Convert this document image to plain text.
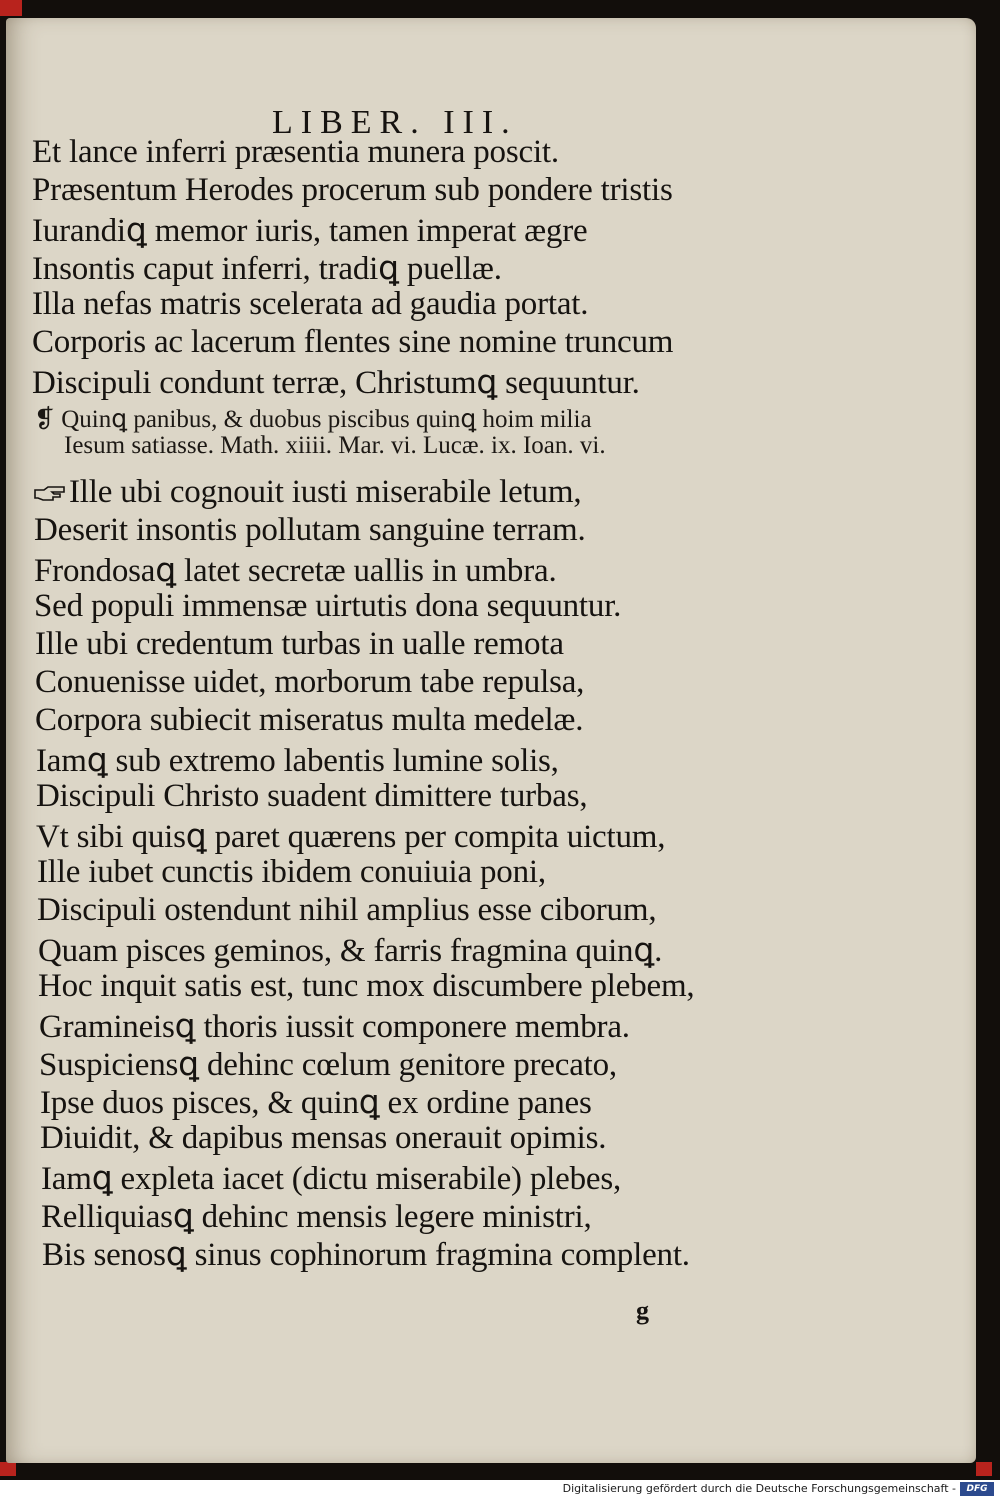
LIBER. III.
Et lance inferri præsentia munera poscit.
Præsentum Herodes procerum sub pondere tristis
Iurandiꝗ memor iuris, tamen imperat ægre
Insontis caput inferri, tradiꝗ puellæ.
Illa nefas matris scelerata ad gaudia portat.
Corporis ac lacerum flentes sine nomine truncum
Discipuli condunt terræ, Christumꝗ sequuntur.
❡ Quinꝗ panibus, & duobus piscibus quinꝗ hoim milia
Iesum satiasse. Math. xiiii. Mar. vi. Lucæ. ix. Ioan. vi.
Ille ubi cognouit iusti miserabile letum,
Deserit insontis pollutam sanguine terram.
Frondosaꝗ latet secretæ uallis in umbra.
Sed populi immensæ uirtutis dona sequuntur.
Ille ubi credentum turbas in ualle remota
Conuenisse uidet, morborum tabe repulsa,
Corpora subiecit miseratus multa medelæ.
Iamꝗ sub extremo labentis lumine solis,
Discipuli Christo suadent dimittere turbas,
Vt sibi quisꝗ paret quærens per compita uictum,
Ille iubet cunctis ibidem conuiuia poni,
Discipuli ostendunt nihil amplius esse ciborum,
Quam pisces geminos, & farris fragmina quinꝗ.
Hoc inquit satis est, tunc mox discumbere plebem,
Gramineisꝗ thoris iussit componere membra.
Suspiciensꝗ dehinc cœlum genitore precato,
Ipse duos pisces, & quinꝗ ex ordine panes
Diuidit, & dapibus mensas onerauit opimis.
Iamꝗ expleta iacet (dictu miserabile) plebes,
Relliquiasꝗ dehinc mensis legere ministri,
Bis senosꝗ sinus cophinorum fragmina complent.
g
Digitalisierung gefördert durch die Deutsche Forschungsgemeinschaft -	DFG
